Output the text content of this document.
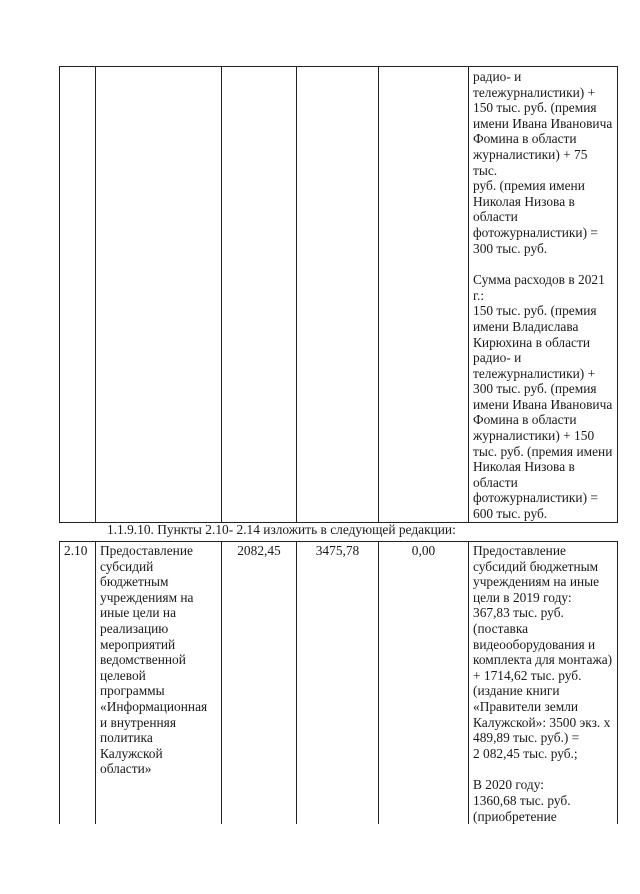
радио- и
тележурналистики) +
150 тыс. руб. (премия
имени Ивана Ивановича
Фомина в области
журналистики) + 75 тыс.
руб. (премия имени
Николая Низова в
области
фотожурналистики) =
300 тыс. руб.

Сумма расходов в 2021
г.:
150 тыс. руб. (премия
имени Владислава
Кирюхина в области
радио- и
тележурналистики) +
300 тыс. руб. (премия
имени Ивана Ивановича
Фомина в области
журналистики) + 150
тыс. руб. (премия имени
Николая Низова в
области
фотожурналистики) =
600 тыс. руб.

1.1.9.10. Пункты 2.10- 2.14 изложить в следующей редакции:

2.10	Предоставление
субсидий
бюджетным
учреждениям на
иные цели на
реализацию
мероприятий
ведомственной
целевой
программы
«Информационная
и внутренняя
политика
Калужской
области»

2082,45	3475,78	0,00	Предоставление
субсидий бюджетным
учреждениям на иные
цели в 2019 году:
367,83 тыс. руб.
(поставка
видеооборудования и
комплекта для монтажа)
+ 1714,62 тыс. руб.
(издание книги
«Правители земли
Калужской»: 3500 экз. х
489,89 тыс. руб.) =
2 082,45 тыс. руб.;

В 2020 году:
1360,68 тыс. руб.
(приобретение
